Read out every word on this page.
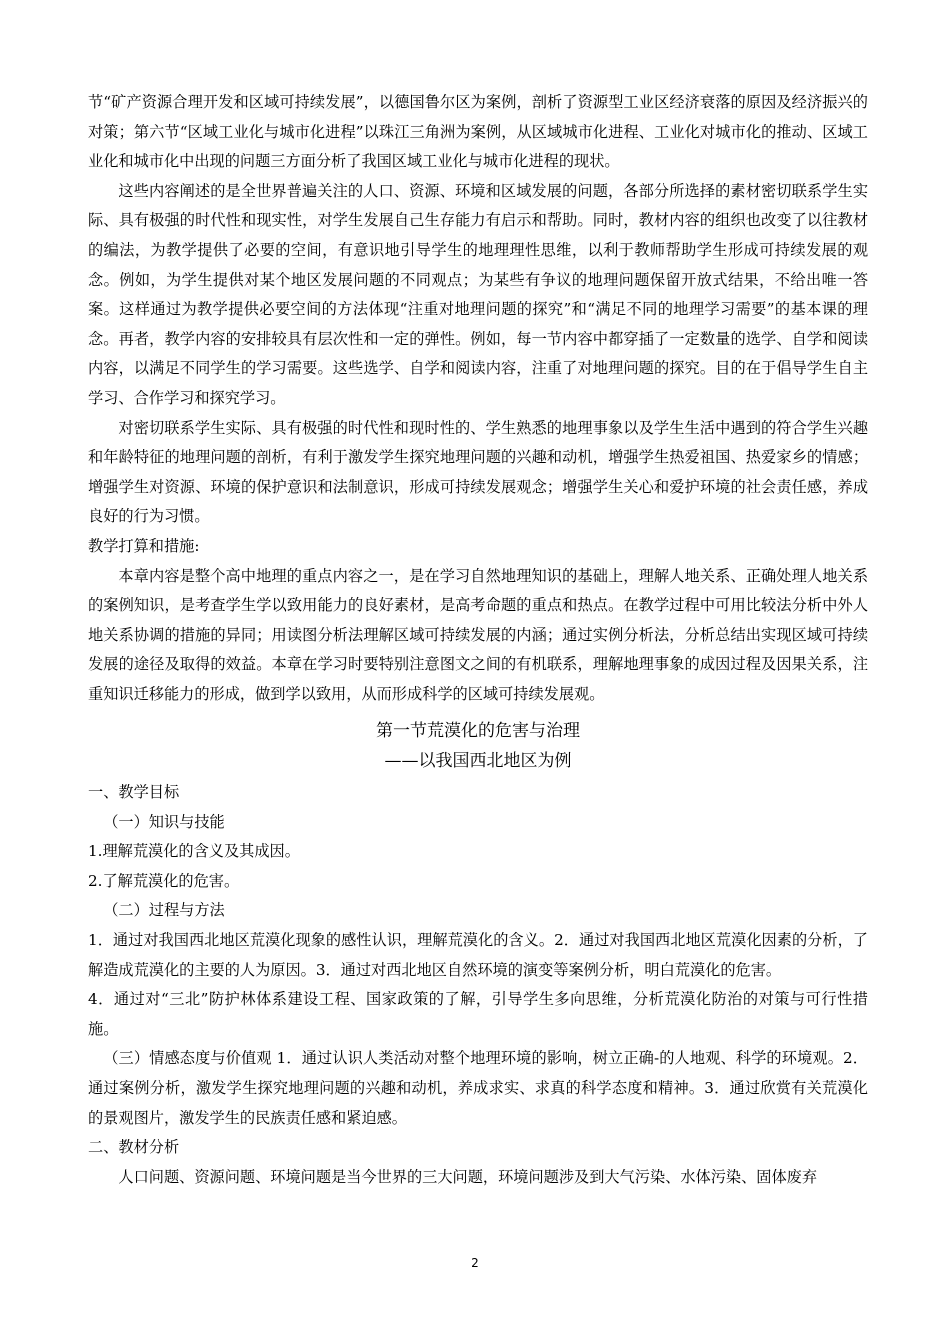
节“矿产资源合理开发和区域可持续发展”，以德国鲁尔区为案例，剖析了资源型工业区经济衰落的原因及经济振兴的对策；第六节“区域工业化与城市化进程”以珠江三角洲为案例，从区域城市化进程、工业化对城市化的推动、区域工业化和城市化中出现的问题三方面分析了我国区域工业化与城市化进程的现状。

这些内容阐述的是全世界普遍关注的人口、资源、环境和区域发展的问题，各部分所选择的素材密切联系学生实际、具有极强的时代性和现实性，对学生发展自己生存能力有启示和帮助。同时，教材内容的组织也改变了以往教材的编法，为教学提供了必要的空间，有意识地引导学生的地理理性思维，以利于教师帮助学生形成可持续发展的观念。例如，为学生提供对某个地区发展问题的不同观点；为某些有争议的地理问题保留开放式结果，不给出唯一答案。这样通过为教学提供必要空间的方法体现“注重对地理问题的探究”和“满足不同的地理学习需要”的基本课的理念。再者，教学内容的安排较具有层次性和一定的弹性。例如，每一节内容中都穿插了一定数量的选学、自学和阅读内容，以满足不同学生的学习需要。这些选学、自学和阅读内容，注重了对地理问题的探究。目的在于倡导学生自主学习、合作学习和探究学习。

对密切联系学生实际、具有极强的时代性和现时性的、学生熟悉的地理事象以及学生生活中遇到的符合学生兴趣和年龄特征的地理问题的剖析，有利于激发学生探究地理问题的兴趣和动机，增强学生热爱祖国、热爱家乡的情感；增强学生对资源、环境的保护意识和法制意识，形成可持续发展观念；增强学生关心和爱护环境的社会责任感，养成良好的行为习惯。

教学打算和措施:

本章内容是整个高中地理的重点内容之一，是在学习自然地理知识的基础上，理解人地关系、正确处理人地关系的案例知识，是考查学生学以致用能力的良好素材，是高考命题的重点和热点。在教学过程中可用比较法分析中外人地关系协调的措施的异同；用读图分析法理解区域可持续发展的内涵；通过实例分析法，分析总结出实现区域可持续发展的途径及取得的效益。本章在学习时要特别注意图文之间的有机联系，理解地理事象的成因过程及因果关系，注重知识迁移能力的形成，做到学以致用，从而形成科学的区域可持续发展观。

第一节荒漠化的危害与治理
——以我国西北地区为例

一、教学目标

（一）知识与技能

1.理解荒漠化的含义及其成因。

2.了解荒漠化的危害。

（二）过程与方法

1．通过对我国西北地区荒漠化现象的感性认识，理解荒漠化的含义。2．通过对我国西北地区荒漠化因素的分析，了解造成荒漠化的主要的人为原因。3．通过对西北地区自然环境的演变等案例分析，明白荒漠化的危害。

4．通过对“三北”防护林体系建设工程、国家政策的了解，引导学生多向思维，分析荒漠化防治的对策与可行性措施。

（三）情感态度与价值观 1．通过认识人类活动对整个地理环境的影响，树立正确-的人地观、科学的环境观。2．通过案例分析，激发学生探究地理问题的兴趣和动机，养成求实、求真的科学态度和精神。3．通过欣赏有关荒漠化的景观图片，激发学生的民族责任感和紧迫感。

二、教材分析

人口问题、资源问题、环境问题是当今世界的三大问题，环境问题涉及到大气污染、水体污染、固体废弃

2
